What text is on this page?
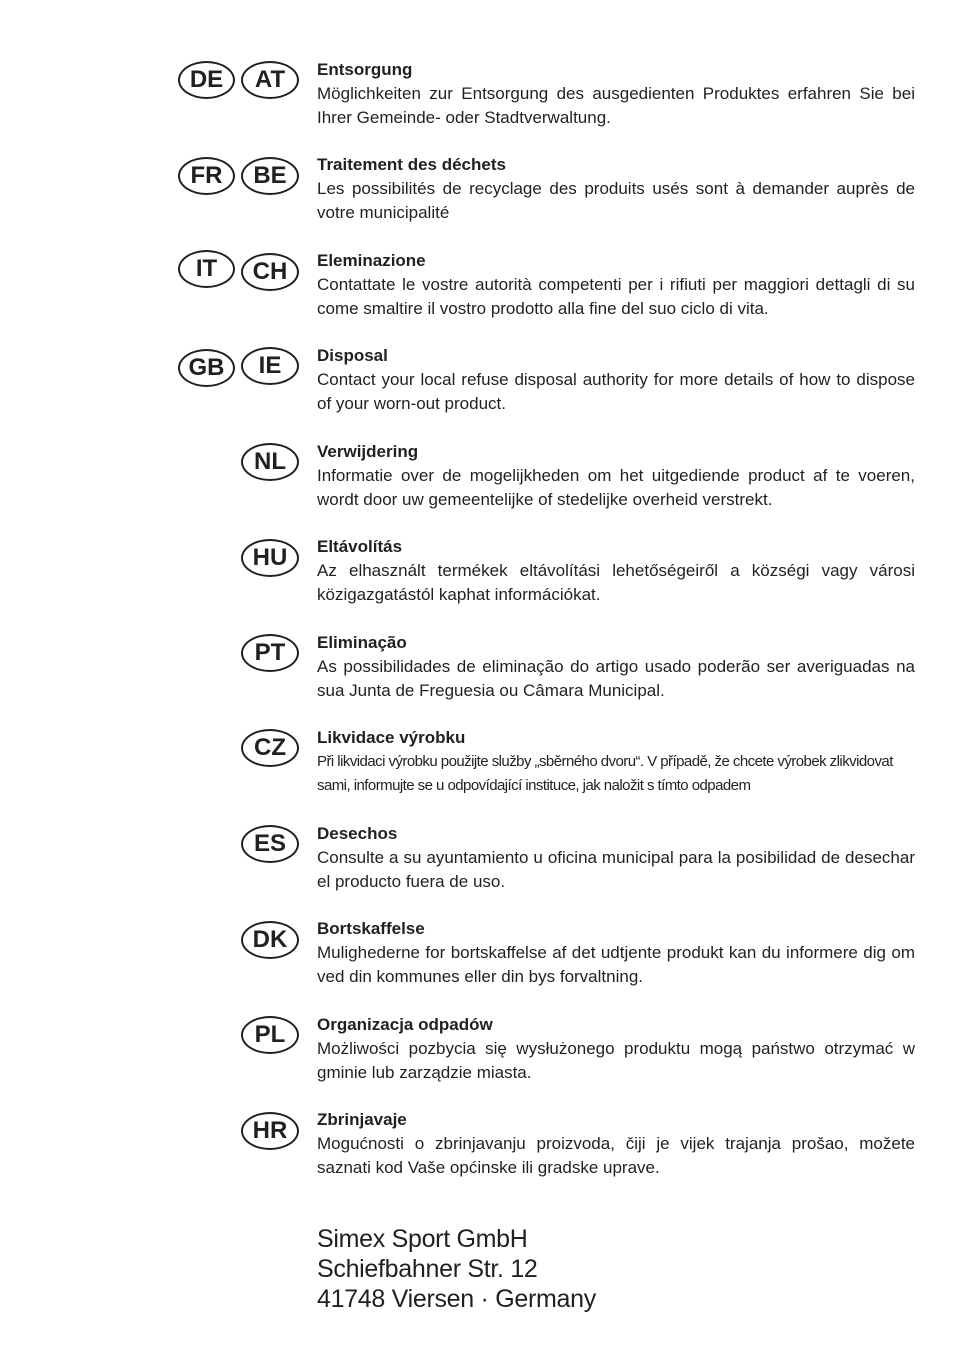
DE	AT	Entsorgung

Möglichkeiten zur Entsorgung des ausgedienten Produktes erfahren Sie bei Ihrer Gemeinde- oder Stadtverwaltung.

FR	BE	Traitement des déchets

Les possibilités de recyclage des produits usés sont à demander auprès de votre municipalité

IT	CH	Eleminazione

Contattate le vostre autorità competenti per i rifiuti per maggiori dettagli di su come smaltire il vostro prodotto alla fine del suo ciclo di vita.

GB	IE	Disposal

Contact your local refuse disposal authority for more details of how to dispose of your worn-out product.

NL	Verwijdering

Informatie over de mogelijkheden om het uitgediende product af te voeren, wordt door uw gemeentelijke of stedelijke overheid verstrekt.

HU	Eltávolítás

Az elhasznált termékek eltávolítási lehetőségeiről a községi vagy városi közigazgatástól kaphat információkat.

PT	Eliminação

As possibilidades de eliminação do artigo usado poderão ser averiguadas na sua Junta de Freguesia ou Câmara Municipal.

CZ	Likvidace výrobku

Při likvidaci výrobku použijte služby „sběrného dvoru“. V případě, že chcete výrobek zlikvidovat sami, informujte se u odpovídající instituce, jak naložit s tímto odpadem

ES	Desechos

Consulte a su ayuntamiento u oficina municipal para la posibilidad de desechar el producto fuera de uso.

DK	Bortskaffelse

Mulighederne for bortskaffelse af det udtjente produkt kan du informere dig om ved din kommunes eller din bys forvaltning.

PL	Organizacja odpadów

Możliwości pozbycia się wysłużonego produktu mogą państwo otrzymać w gminie lub zarządzie miasta.

HR	Zbrinjavaje

Mogućnosti o zbrinjavanju proizvoda, čiji je vijek trajanja prošao, možete saznati kod Vaše općinske ili gradske uprave.

Simex Sport GmbH
Schiefbahner Str. 12
41748 Viersen · Germany
